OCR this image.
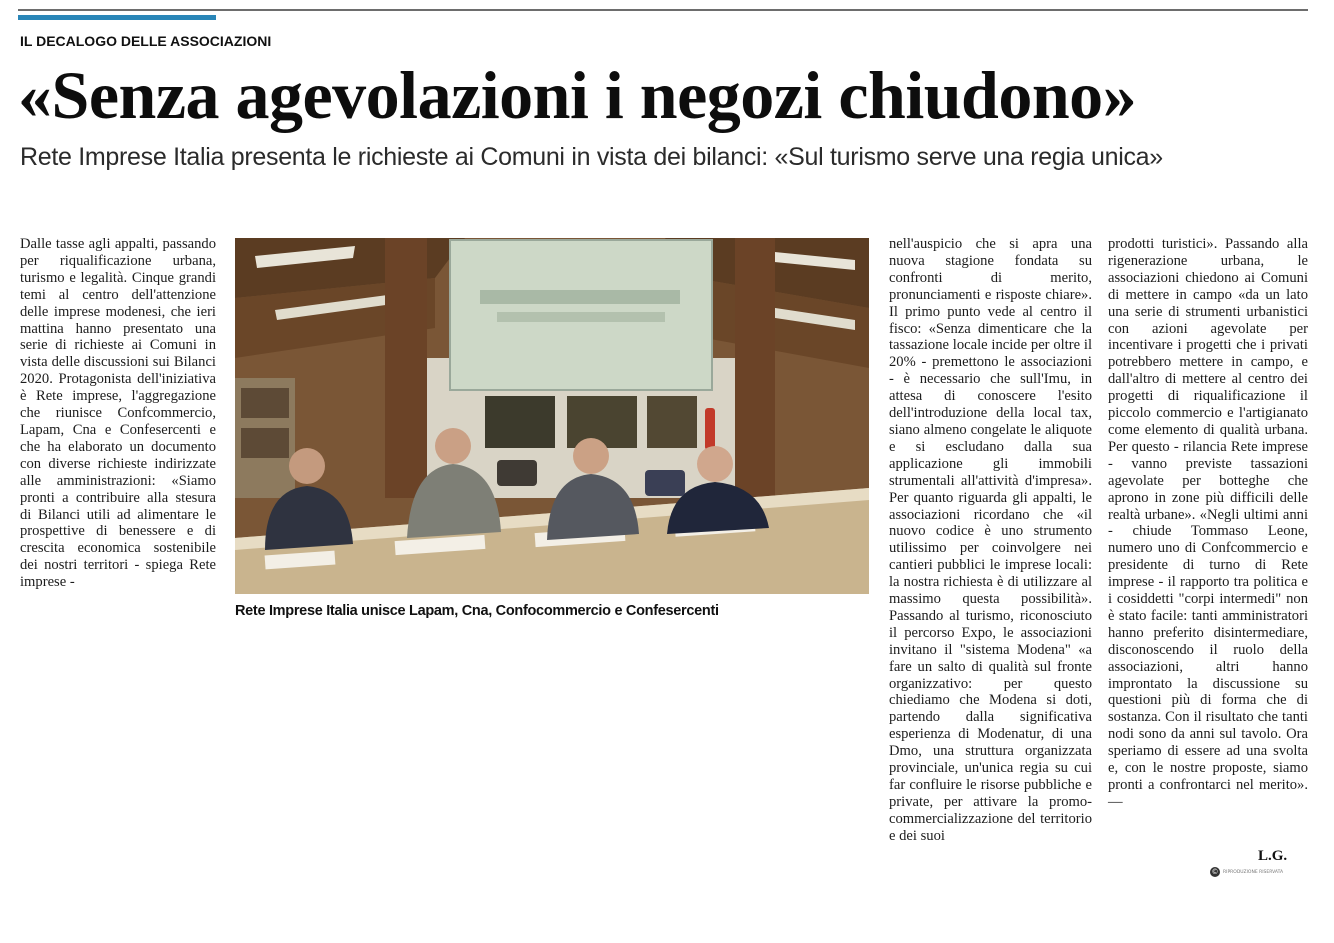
IL DECALOGO DELLE ASSOCIAZIONI
«Senza agevolazioni i negozi chiudono»
Rete Imprese Italia presenta le richieste ai Comuni in vista dei bilanci: «Sul turismo serve una regia unica»
Dalle tasse agli appalti, passando per riqualificazione urbana, turismo e legalità. Cinque grandi temi al centro dell'attenzione delle imprese modenesi, che ieri mattina hanno presentato una serie di richieste ai Comuni in vista delle discussioni sui Bilanci 2020. Protagonista dell'iniziativa è Rete imprese, l'aggregazione che riunisce Confcommercio, Lapam, Cna e Confesercenti e che ha elaborato un documento con diverse richieste indirizzate alle amministrazioni: «Siamo pronti a contribuire alla stesura di Bilanci utili ad alimentare le prospettive di benessere e di crescita economica sostenibile dei nostri territori - spiega Rete imprese -
Rete Imprese Italia unisce Lapam, Cna, Confocommercio e Confesercenti
nell'auspicio che si apra una nuova stagione fondata su confronti di merito, pronunciamenti e risposte chiare». Il primo punto vede al centro il fisco: «Senza dimenticare che la tassazione locale incide per oltre il 20% - premettono le associazioni - è necessario che sull'Imu, in attesa di conoscere l'esito dell'introduzione della local tax, siano almeno congelate le aliquote e si escludano dalla sua applicazione gli immobili strumentali all'attività d'impresa». Per quanto riguarda gli appalti, le associazioni ricordano che «il nuovo codice è uno strumento utilissimo per coinvolgere nei cantieri pubblici le imprese locali: la nostra richiesta è di utilizzare al massimo questa possibilità». Passando al turismo, riconosciuto il percorso Expo, le associazioni invitano il "sistema Modena" «a fare un salto di qualità sul fronte organizzativo: per questo chiediamo che Modena si doti, partendo dalla significativa esperienza di Modenatur, di una Dmo, una struttura organizzata provinciale, un'unica regia su cui far confluire le risorse pubbliche e private, per attivare la promo-commercializzazione del territorio e dei suoi
prodotti turistici». Passando alla rigenerazione urbana, le associazioni chiedono ai Comuni di mettere in campo «da un lato una serie di strumenti urbanistici con azioni agevolate per incentivare i progetti che i privati potrebbero mettere in campo, e dall'altro di mettere al centro dei progetti di riqualificazione il piccolo commercio e l'artigianato come elemento di qualità urbana. Per questo - rilancia Rete imprese - vanno previste tassazioni agevolate per botteghe che aprono in zone più difficili delle realtà urbane». «Negli ultimi anni - chiude Tommaso Leone, numero uno di Confcommercio e presidente di turno di Rete imprese - il rapporto tra politica e i cosiddetti "corpi intermedi" non è stato facile: tanti amministratori hanno preferito disintermediare, disconoscendo il ruolo della associazioni, altri hanno improntato la discussione su questioni più di forma che di sostanza. Con il risultato che tanti nodi sono da anni sul tavolo. Ora speriamo di essere ad una svolta e, con le nostre proposte, siamo pronti a confrontarci nel merito».—
L.G.
©	RIPRODUZIONE RISERVATA
